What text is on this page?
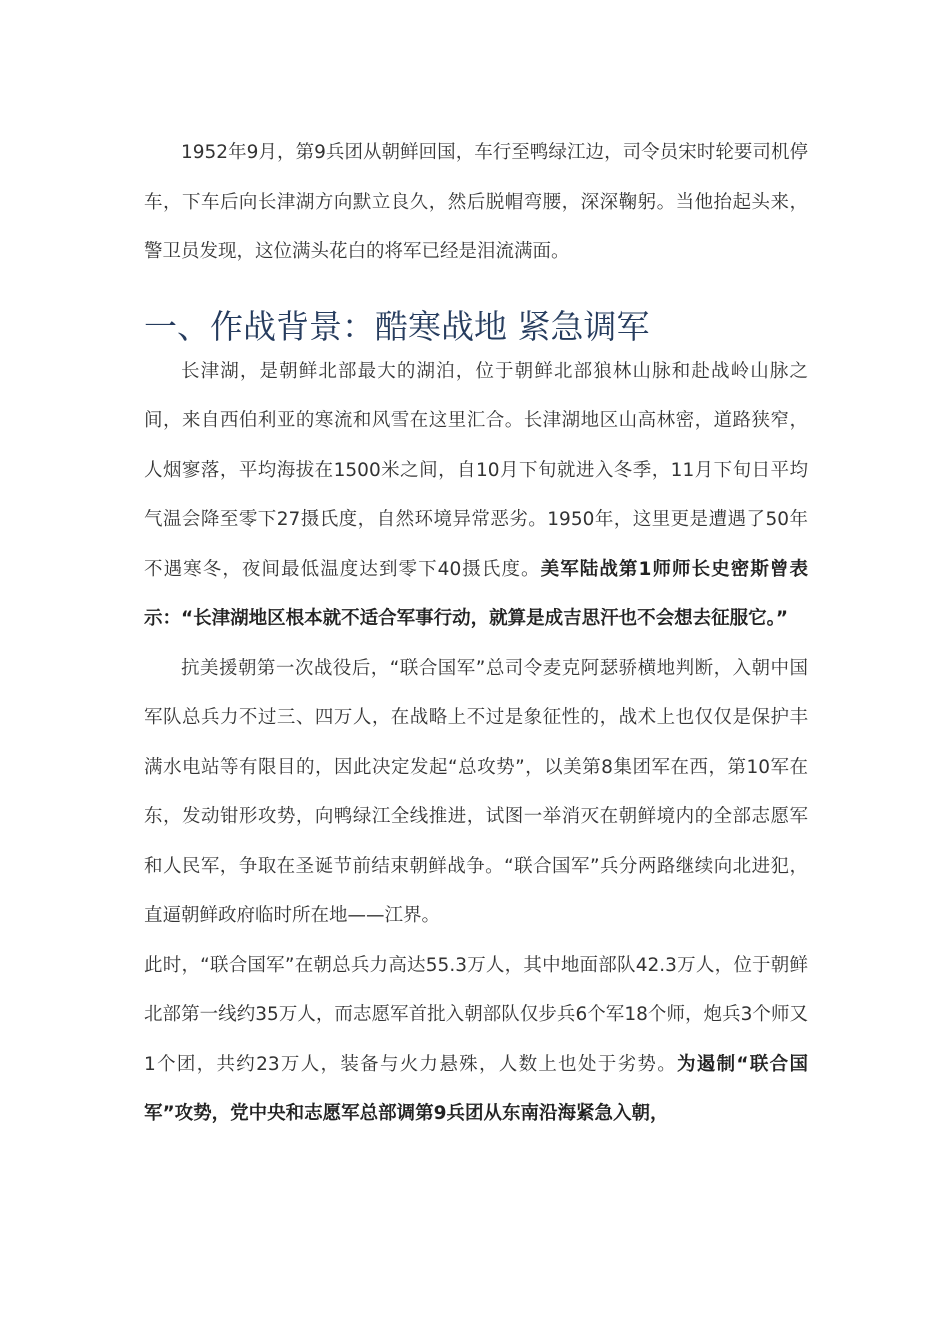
1952年9月，第9兵团从朝鲜回国，车行至鸭绿江边，司令员宋时轮要司机停车，下车后向长津湖方向默立良久，然后脱帽弯腰，深深鞠躬。当他抬起头来，警卫员发现，这位满头花白的将军已经是泪流满面。

一、作战背景：酷寒战地 紧急调军

长津湖，是朝鲜北部最大的湖泊，位于朝鲜北部狼林山脉和赴战岭山脉之间，来自西伯利亚的寒流和风雪在这里汇合。长津湖地区山高林密，道路狭窄，人烟寥落，平均海拔在1500米之间，自10月下旬就进入冬季，11月下旬日平均气温会降至零下27摄氏度，自然环境异常恶劣。1950年，这里更是遭遇了50年不遇寒冬，夜间最低温度达到零下40摄氏度。美军陆战第1师师长史密斯曾表示：“长津湖地区根本就不适合军事行动，就算是成吉思汗也不会想去征服它。”

抗美援朝第一次战役后，“联合国军”总司令麦克阿瑟骄横地判断，入朝中国军队总兵力不过三、四万人，在战略上不过是象征性的，战术上也仅仅是保护丰满水电站等有限目的，因此决定发起“总攻势”，以美第8集团军在西，第10军在东，发动钳形攻势，向鸭绿江全线推进，试图一举消灭在朝鲜境内的全部志愿军和人民军，争取在圣诞节前结束朝鲜战争。“联合国军”兵分两路继续向北进犯，直逼朝鲜政府临时所在地——江界。

此时，“联合国军”在朝总兵力高达55.3万人，其中地面部队42.3万人，位于朝鲜北部第一线约35万人，而志愿军首批入朝部队仅步兵6个军18个师，炮兵3个师又1个团，共约23万人，装备与火力悬殊，人数上也处于劣势。为遏制“联合国军”攻势，党中央和志愿军总部调第9兵团从东南沿海紧急入朝，
